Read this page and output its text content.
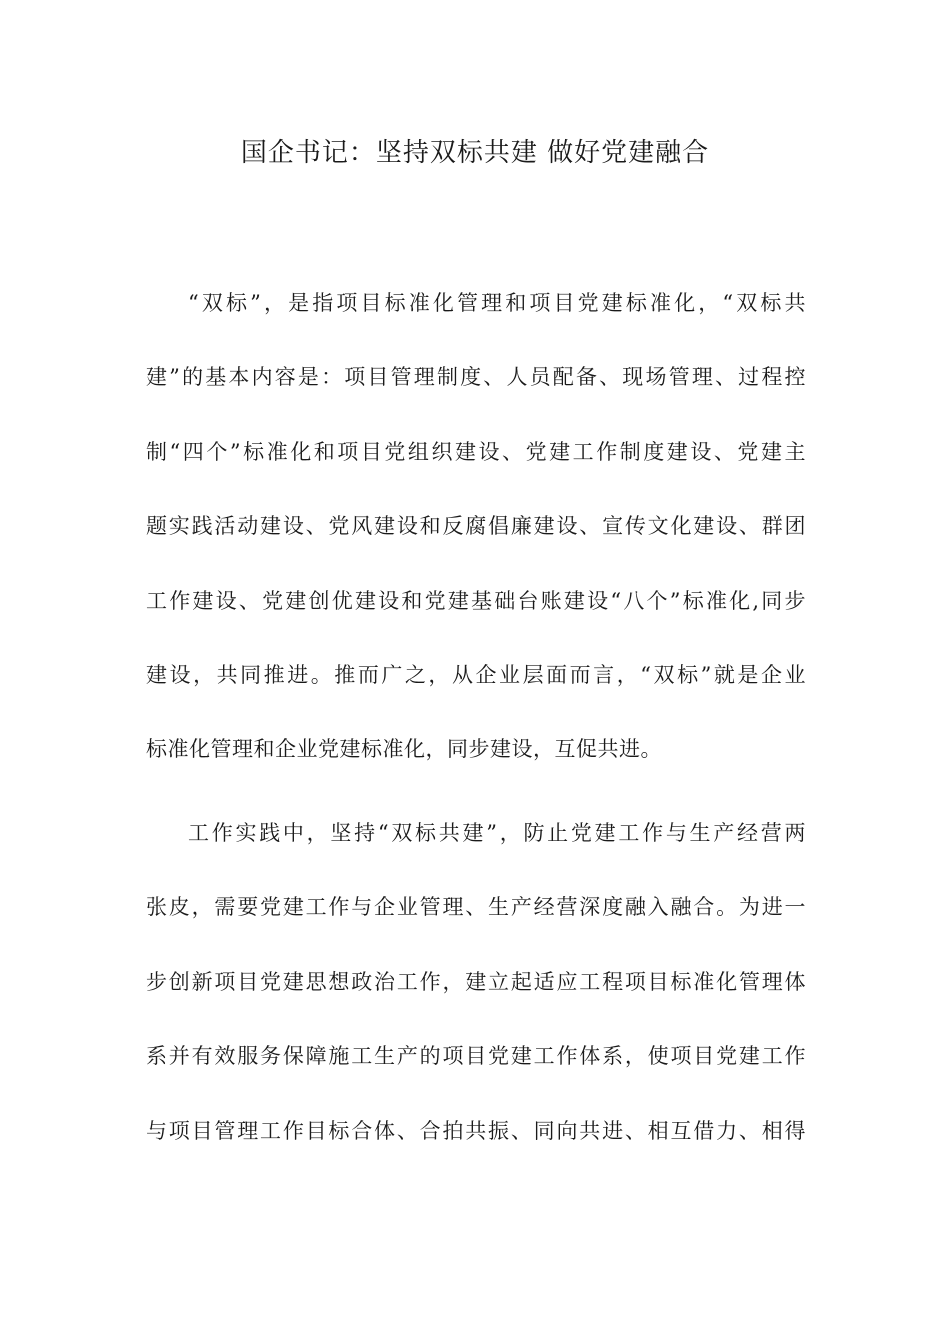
国企书记：坚持双标共建 做好党建融合
“双标”，是指项目标准化管理和项目党建标准化，“双标共
建”的基本内容是：项目管理制度、人员配备、现场管理、过程控
制“四个”标准化和项目党组织建设、党建工作制度建设、党建主
题实践活动建设、党风建设和反腐倡廉建设、宣传文化建设、群团
工作建设、党建创优建设和党建基础台账建设“八个”标准化,同步
建设，共同推进。推而广之，从企业层面而言，“双标”就是企业
标准化管理和企业党建标准化，同步建设，互促共进。
工作实践中，坚持“双标共建”，防止党建工作与生产经营两
张皮，需要党建工作与企业管理、生产经营深度融入融合。为进一
步创新项目党建思想政治工作，建立起适应工程项目标准化管理体
系并有效服务保障施工生产的项目党建工作体系，使项目党建工作
与项目管理工作目标合体、合拍共振、同向共进、相互借力、相得
